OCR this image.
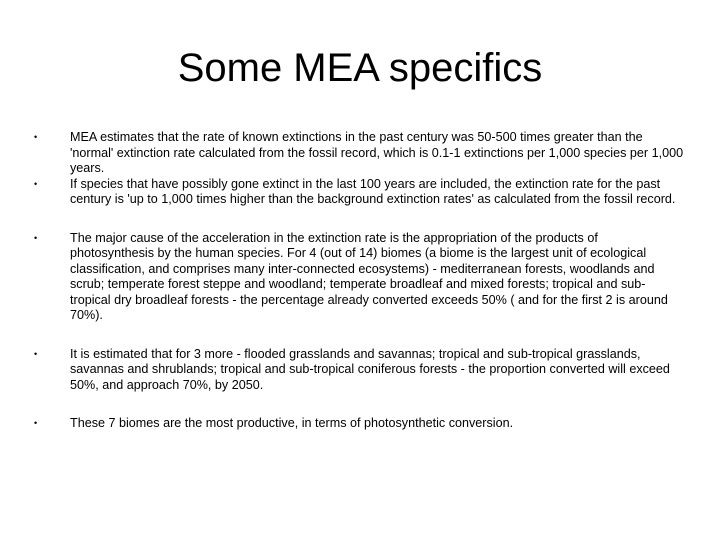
Some MEA specifics
•	MEA estimates that the rate of known extinctions in the past century was 50-500 times greater than the 'normal' extinction rate calculated from the fossil record, which is 0.1-1 extinctions per 1,000 species per 1,000 years.
•	If species that have possibly gone extinct in the last 100 years are included, the extinction rate for the past century is 'up to 1,000 times higher than the background extinction rates' as calculated from the fossil record.
•	The major cause of the acceleration in the extinction rate is the appropriation of the products of photosynthesis by the human species. For 4 (out of 14) biomes (a biome is the largest unit of ecological classification, and comprises many inter-connected ecosystems) - mediterranean forests, woodlands and scrub; temperate forest steppe and woodland; temperate broadleaf and mixed forests; tropical and sub-tropical dry broadleaf forests - the percentage already converted exceeds 50% ( and for the first 2 is around 70%).
•	It is estimated that for 3 more - flooded grasslands and savannas; tropical and sub-tropical grasslands, savannas and shrublands; tropical and sub-tropical coniferous forests - the proportion converted will exceed 50%, and approach 70%, by 2050.
•	These 7 biomes are the most productive, in terms of photosynthetic conversion.
